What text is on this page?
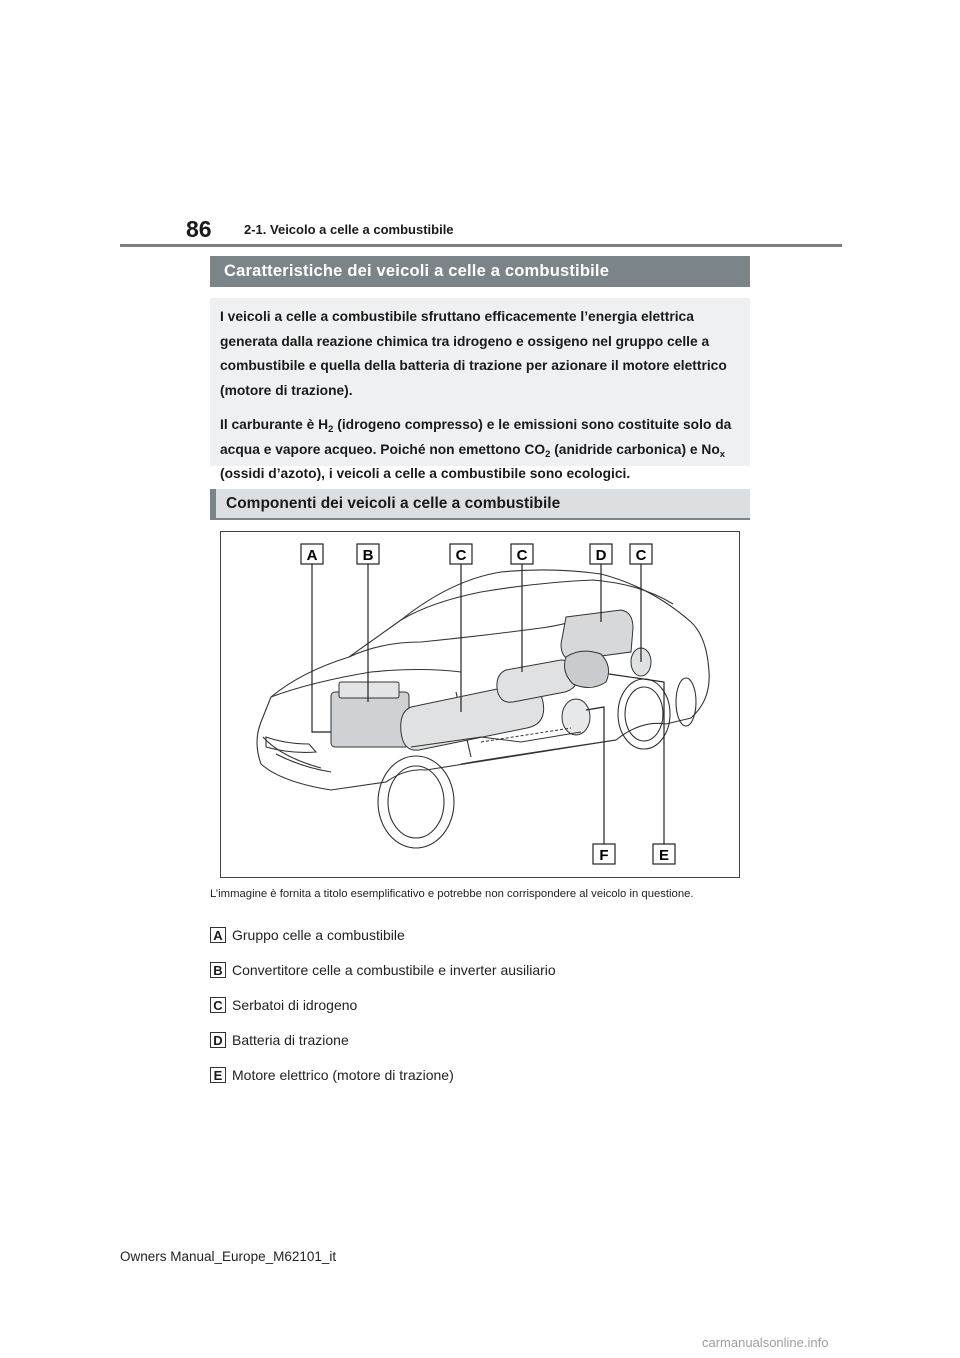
86 2-1. Veicolo a celle a combustibile
Caratteristiche dei veicoli a celle a combustibile

I veicoli a celle a combustibile sfruttano efficacemente l’energia elettrica generata dalla reazione chimica tra idrogeno e ossigeno nel gruppo celle a combustibile e quella della batteria di trazione per azionare il motore elettrico (motore di trazione).

Il carburante è $H_2$ (idrogeno compresso) e le emissioni sono costituite solo da acqua e vapore acqueo. Poiché non emettono $CO_2$ (anidride carbonica) e $No_x$ (ossidi d’azoto), i veicoli a celle a combustibile sono ecologici.

Componenti dei veicoli a celle a combustibile
A	B	C	C	D C
F	E
L’immagine è fornita a titolo esemplificativo e potrebbe non corrispondere al veicolo in questione.
A Gruppo celle a combustibile
B Convertitore celle a combustibile e inverter ausiliario
C Serbatoi di idrogeno
D Batteria di trazione
E Motore elettrico (motore di trazione)
Owners Manual_Europe_M62101_it
carmanualsonline.info
